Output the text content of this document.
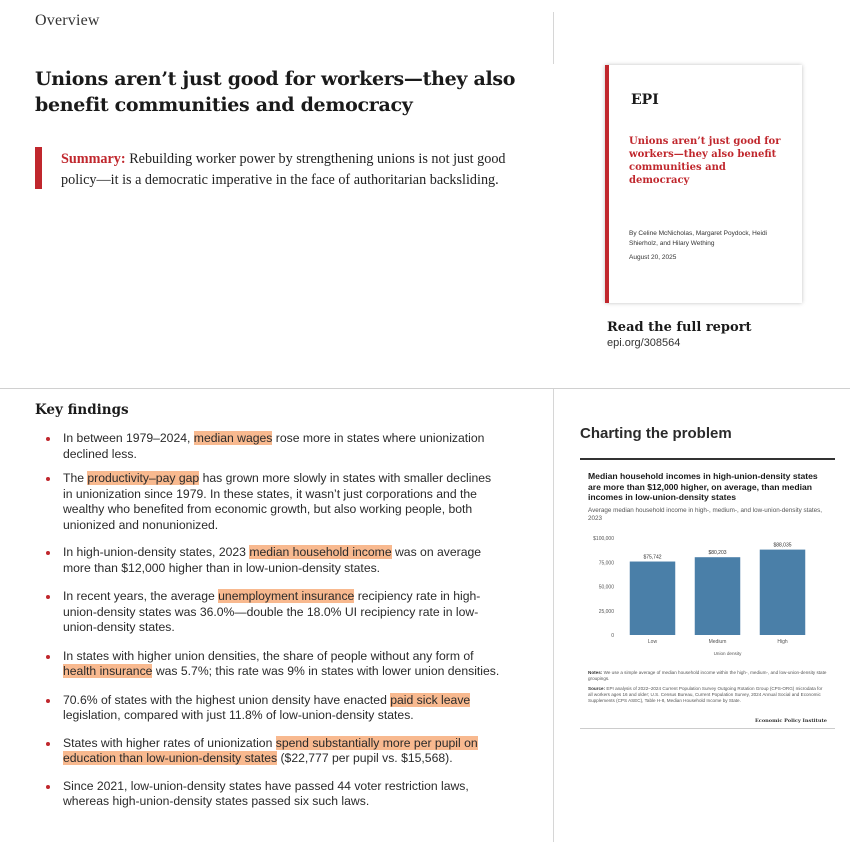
Overview
Unions aren’t just good for workers—they also benefit communities and democracy
Summary: Rebuilding worker power by strengthening unions is not just good policy—it is a democratic imperative in the face of authoritarian backsliding.
EPI
Unions aren’t just good for workers—they also benefit communities and democracy
By Celine McNicholas, Margaret Poydock, Heidi Shierholz, and Hilary Wething
August 20, 2025
Read the full report
epi.org/308564
Key findings
In between 1979–2024, median wages rose more in states where unionization declined less.
The productivity–pay gap has grown more slowly in states with smaller declines in unionization since 1979. In these states, it wasn’t just corporations and the wealthy who benefited from economic growth, but also working people, both unionized and nonunionized.
In high-union-density states, 2023 median household income was on average more than $12,000 higher than in low-union-density states.
In recent years, the average unemployment insurance recipiency rate in high-union-density states was 36.0%—double the 18.0% UI recipiency rate in low-union-density states.
In states with higher union densities, the share of people without any form of health insurance was 5.7%; this rate was 9% in states with lower union densities.
70.6% of states with the highest union density have enacted paid sick leave legislation, compared with just 11.8% of low-union-density states.
States with higher rates of unionization spend substantially more per pupil on education than low-union-density states ($22,777 per pupil vs. $15,568).
Since 2021, low-union-density states have passed 44 voter restriction laws, whereas high-union-density states passed six such laws.
Charting the problem
Median household incomes in high-union-density states are more than $12,000 higher, on average, than median incomes in low-union-density states
Average median household income in high-, medium-, and low-union-density states, 2023
0
25,000
50,000
75,000
$100,000
$75,742
Low
$80,203
Medium
$88,035
High
Union density
Notes: We use a simple average of median household income within the high-, medium-, and low-union-density state groupings.
Source: EPI analysis of 2022–2024 Current Population Survey Outgoing Rotation Group (CPS-ORG) microdata for all workers ages 16 and older; U.S. Census Bureau, Current Population Survey, 2024 Annual Social and Economic Supplements (CPS ASEC), Table H-8, Median Household Income by State.
Economic Policy Institute
